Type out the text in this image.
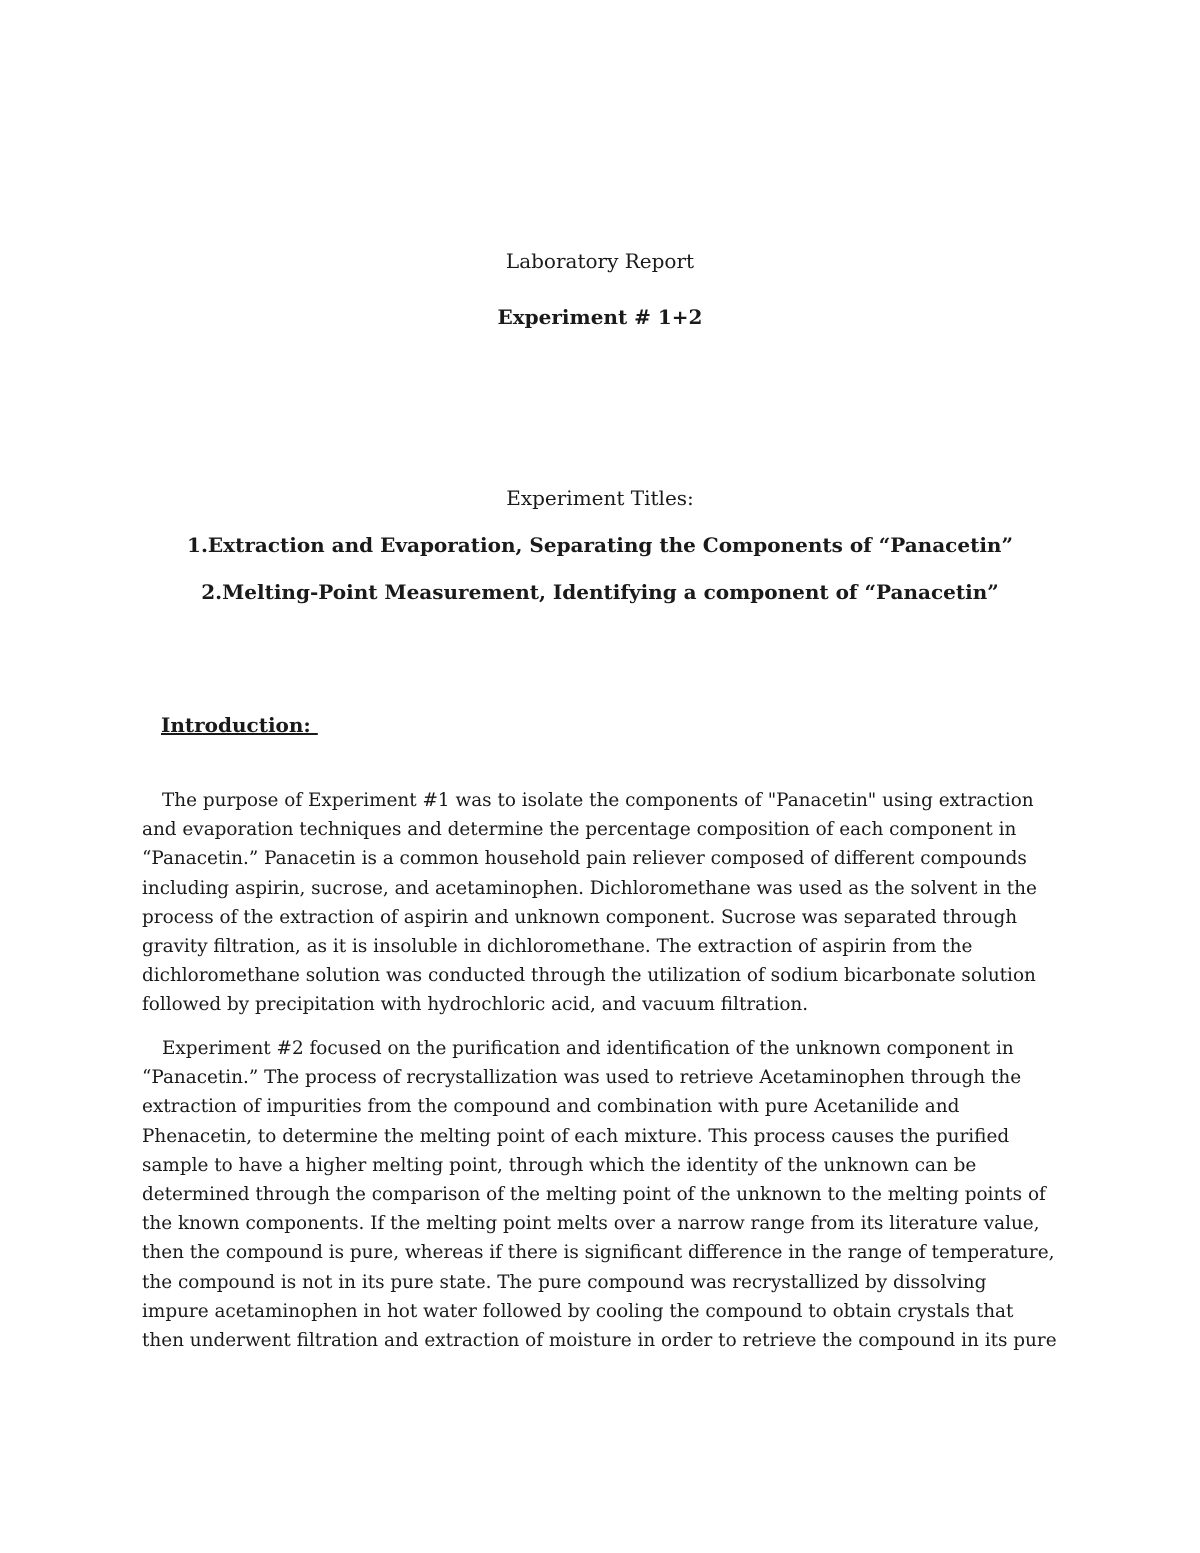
Laboratory Report
Experiment # 1+2
Experiment Titles:
1.Extraction and Evaporation, Separating the Components of “Panacetin”
2.Melting-Point Measurement, Identifying a component of “Panacetin”
Introduction:
The purpose of Experiment #1 was to isolate the components of "Panacetin" using extraction
and evaporation techniques and determine the percentage composition of each component in
“Panacetin.” Panacetin is a common household pain reliever composed of different compounds
including aspirin, sucrose, and acetaminophen. Dichloromethane was used as the solvent in the
process of the extraction of aspirin and unknown component. Sucrose was separated through
gravity filtration, as it is insoluble in dichloromethane. The extraction of aspirin from the
dichloromethane solution was conducted through the utilization of sodium bicarbonate solution
followed by precipitation with hydrochloric acid, and vacuum filtration.
Experiment #2 focused on the purification and identification of the unknown component in
“Panacetin.” The process of recrystallization was used to retrieve Acetaminophen through the
extraction of impurities from the compound and combination with pure Acetanilide and
Phenacetin, to determine the melting point of each mixture. This process causes the purified
sample to have a higher melting point, through which the identity of the unknown can be
determined through the comparison of the melting point of the unknown to the melting points of
the known components. If the melting point melts over a narrow range from its literature value,
then the compound is pure, whereas if there is significant difference in the range of temperature,
the compound is not in its pure state. The pure compound was recrystallized by dissolving
impure acetaminophen in hot water followed by cooling the compound to obtain crystals that
then underwent filtration and extraction of moisture in order to retrieve the compound in its pure
